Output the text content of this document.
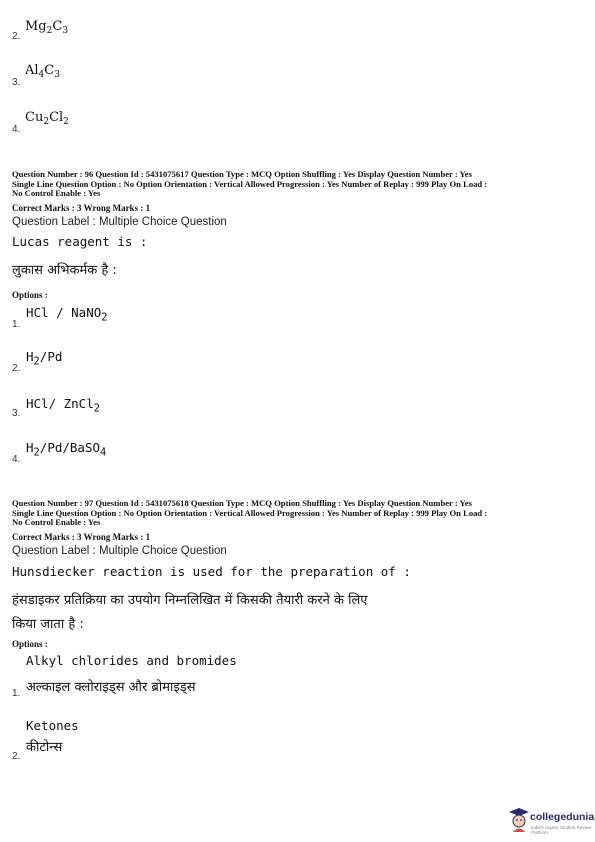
2.
$Mg_2C_3$
3.
$Al_4C_3$
4.
$Cu_2Cl_2$
Question Number : 96 Question Id : 5431075617 Question Type : MCQ Option Shuffling : Yes Display Question Number : Yes
Single Line Question Option : No Option Orientation : Vertical Allowed Progression : Yes Number of Replay : 999 Play On Load :
No Control Enable : Yes
Correct Marks : 3 Wrong Marks : 1
Question Label : Multiple Choice Question
Lucas reagent is :
लुकास अभिकर्मक है :
Options :
1.
HCl / NaNO$_2$
2.
$H_2/Pd$
3.
HCl/ ZnCl$_2$
4.
$H_2/Pd/BaSO_4$
Question Number : 97 Question Id : 5431075618 Question Type : MCQ Option Shuffling : Yes Display Question Number : Yes
Single Line Question Option : No Option Orientation : Vertical Allowed Progression : Yes Number of Replay : 999 Play On Load :
No Control Enable : Yes
Correct Marks : 3 Wrong Marks : 1
Question Label : Multiple Choice Question
Hunsdiecker reaction is used for the preparation of :
हंसडाइकर प्रतिक्रिया का उपयोग निम्नलिखित में किसकी तैयारी करने के लिए
किया जाता है :
Options :
Alkyl chlorides and bromides
1. अल्काइल क्लोराइड्स और ब्रोमाइड्स
Ketones
2.
कीटोन्स
collegedunia
India's largest Student Review Platform
